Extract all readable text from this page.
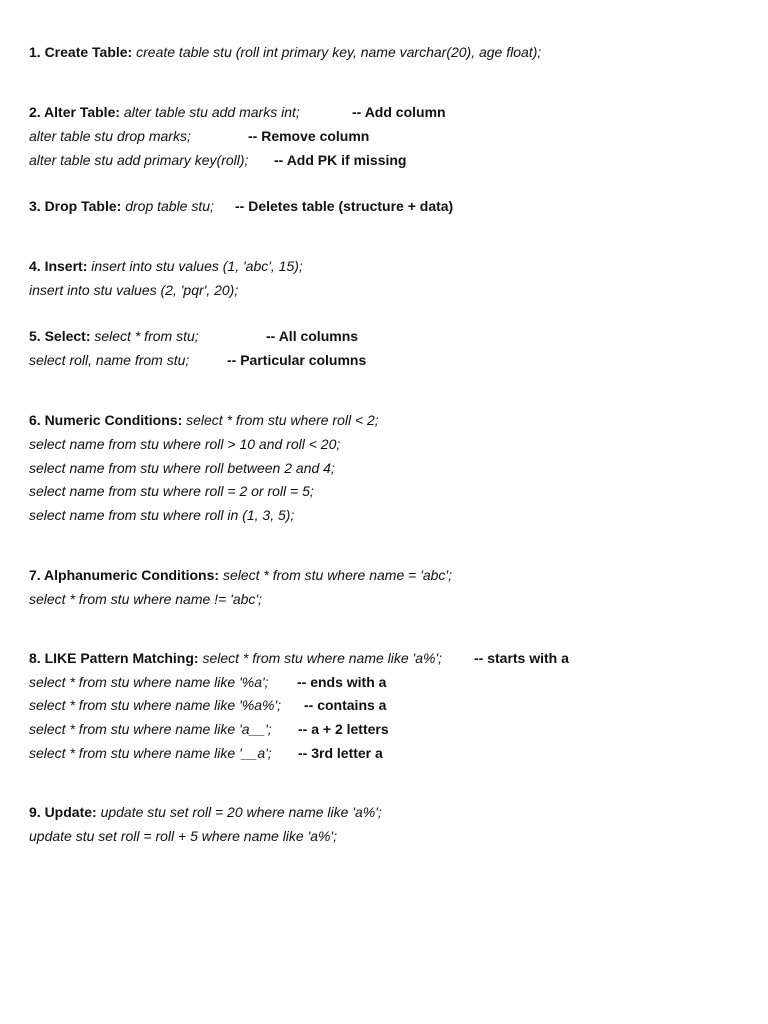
1. Create Table: create table stu (roll int primary key, name varchar(20), age float);
2. Alter Table: alter table stu add marks int;	-- Add column
alter table stu drop marks;	-- Remove column
alter table stu add primary key(roll); -- Add PK if missing
3. Drop Table: drop table stu; -- Deletes table (structure + data)
4. Insert: insert into stu values (1, 'abc', 15);
insert into stu values (2, 'pqr', 20);
5. Select: select * from stu;	-- All columns
select roll, name from stu;	-- Particular columns
6. Numeric Conditions: select * from stu where roll < 2;
select name from stu where roll > 10 and roll < 20;
select name from stu where roll between 2 and 4;
select name from stu where roll = 2 or roll = 5;
select name from stu where roll in (1, 3, 5);
7. Alphanumeric Conditions: select * from stu where name = 'abc';
select * from stu where name != 'abc';
8. LIKE Pattern Matching: select * from stu where name like 'a%'; -- starts with a
select * from stu where name like '%a'; -- ends with a
select * from stu where name like '%a%'; -- contains a
select * from stu where name like 'a__'; -- a + 2 letters
select * from stu where name like '__a'; -- 3rd letter a
9. Update: update stu set roll = 20 where name like 'a%';
update stu set roll = roll + 5 where name like 'a%';
